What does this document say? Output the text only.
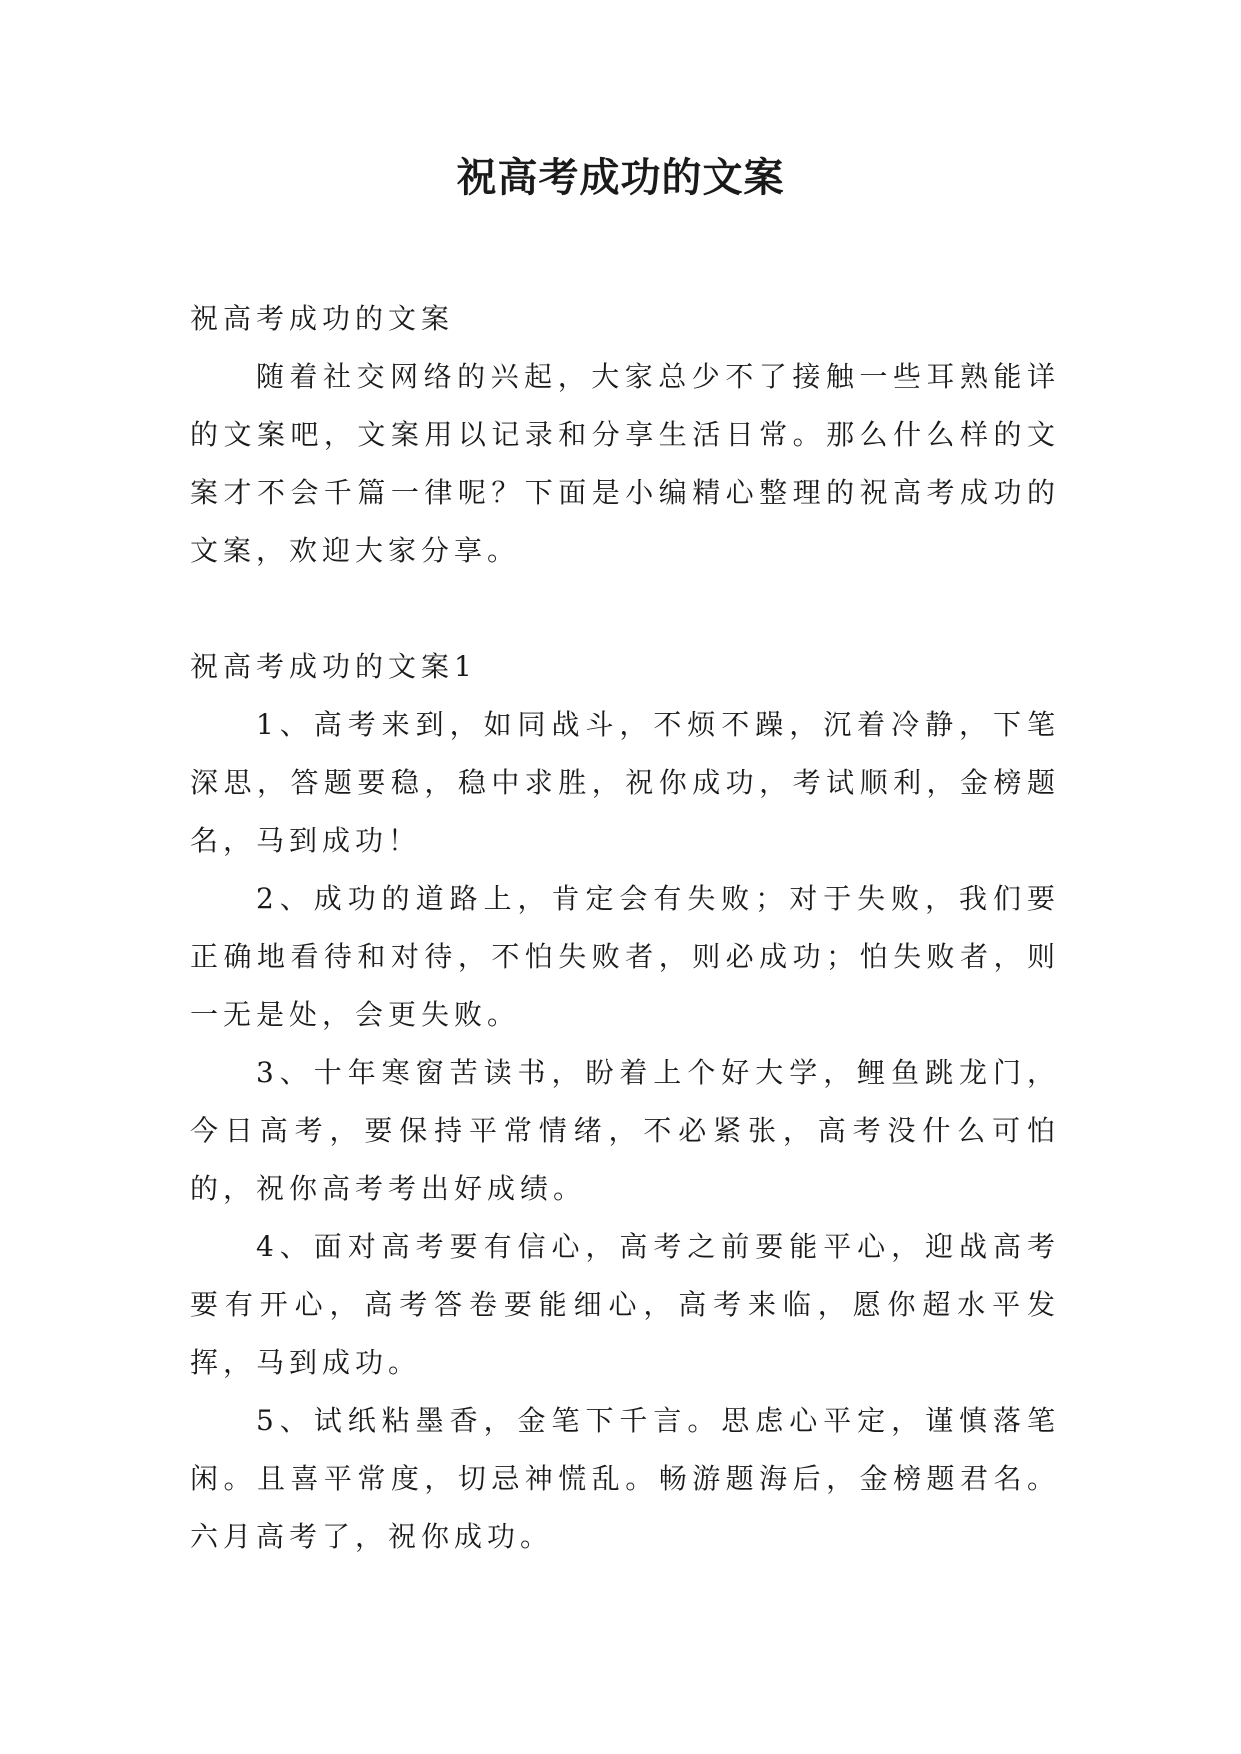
祝高考成功的文案

祝高考成功的文案

随着社交网络的兴起，大家总少不了接触一些耳熟能详的文案吧，文案用以记录和分享生活日常。那么什么样的文案才不会千篇一律呢？下面是小编精心整理的祝高考成功的文案，欢迎大家分享。

祝高考成功的文案1

1、高考来到，如同战斗，不烦不躁，沉着冷静，下笔深思，答题要稳，稳中求胜，祝你成功，考试顺利，金榜题名，马到成功！

2、成功的道路上，肯定会有失败；对于失败，我们要正确地看待和对待，不怕失败者，则必成功；怕失败者，则一无是处，会更失败。

3、十年寒窗苦读书，盼着上个好大学，鲤鱼跳龙门，今日高考，要保持平常情绪，不必紧张，高考没什么可怕的，祝你高考考出好成绩。

4、面对高考要有信心，高考之前要能平心，迎战高考要有开心，高考答卷要能细心，高考来临，愿你超水平发挥，马到成功。

5、试纸粘墨香，金笔下千言。思虑心平定，谨慎落笔闲。且喜平常度，切忌神慌乱。畅游题海后，金榜题君名。六月高考了，祝你成功。
